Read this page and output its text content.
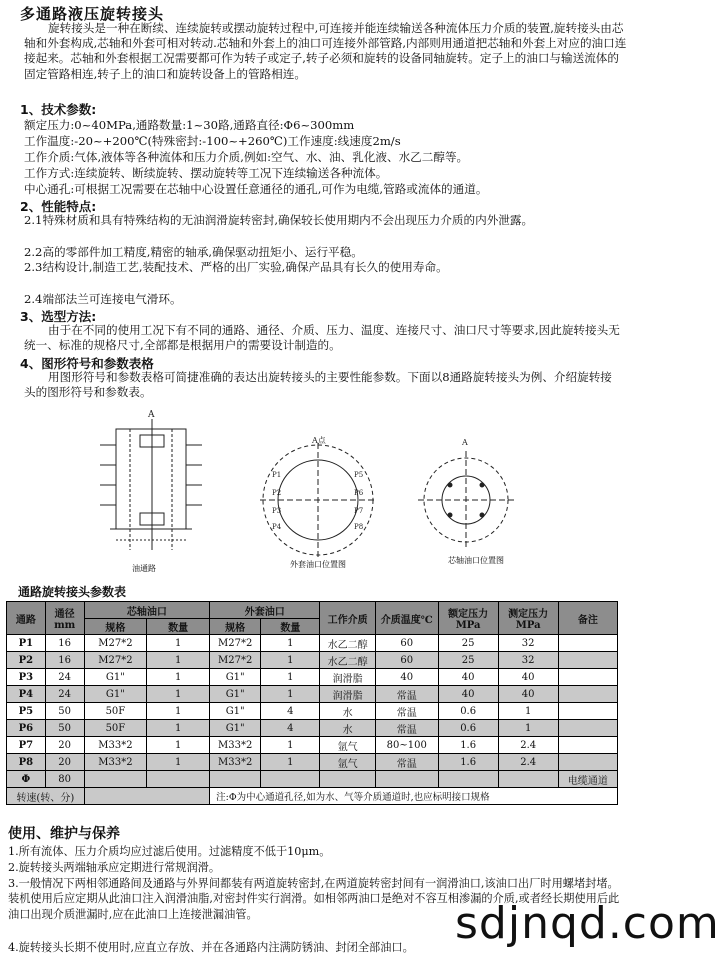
多通路液压旋转接头
旋转接头是一种在断续、连续旋转或摆动旋转过程中,可连接并能连续输送各种流体压力介质的装置,旋转接头由芯轴和外套构成,芯轴和外套可相对转动.芯轴和外套上的油口可连接外部管路,内部则用通道把芯轴和外套上对应的油口连接起来。芯轴和外套根据工况需要都可作为转子或定子,转子必须和旋转的设备同轴旋转。定子上的油口与输送流体的固定管路相连,转子上的油口和旋转设备上的管路相连。
1、技术参数:
额定压力:0~40MPa,通路数量:1~30路,通路直径:Φ6~300mm
工作温度:-20~+200℃(特殊密封:-100~+260℃)工作速度:线速度2m/s
工作介质:气体,液体等各种流体和压力介质,例如:空气、水、油、乳化液、水乙二醇等。
工作方式:连续旋转、断续旋转、摆动旋转等工况下连续输送各种流体。
中心通孔:可根据工况需要在芯轴中心设置任意通径的通孔,可作为电缆,管路或流体的通道。
2、性能特点:
2.1特殊材质和具有特殊结构的无油润滑旋转密封,确保较长使用期内不会出现压力介质的内外泄露。
2.2高的零部件加工精度,精密的轴承,确保驱动扭矩小、运行平稳。
2.3结构设计,制造工艺,装配技术、严格的出厂实验,确保产品具有长久的使用寿命。
2.4端部法兰可连接电气滑环。
3、选型方法:
由于在不同的使用工况下有不同的通路、通径、介质、压力、温度、连接尺寸、油口尺寸等要求,因此旋转接头无统一、标准的规格尺寸,全部都是根据用户的需要设计制造的。
4、图形符号和参数表格
用图形符号和参数表格可简捷准确的表达出旋转接头的主要性能参数。下面以8通路旋转接头为例、介绍旋转接头的图形符号和参数表。
A
油通路
A点
P1
P2
P3
P4
P5
P6
P7
P8
外套油口位置图
A
芯轴油口位置图
通路旋转接头参数表
通路	通径mm	芯轴油口		外套油口		工作介质	介质温度℃	额定压力MPa	测定压力MPa	备注
		规格	数量	规格	数量					
P1	16	M27*2	1	M27*2	1	水乙二醇	60	25	32	
P2	16	M27*2	1	M27*2	1	水乙二醇	60	25	32	
P3	24	G1"	1	G1"	1	润滑脂	40	40	40	
P4	24	G1"	1	G1"	1	润滑脂	常温	40	40	
P5	50	50F	1	G1"	4	水	常温	0.6	1	
P6	50	50F	1	G1"	4	水	常温	0.6	1	
P7	20	M33*2	1	M33*2	1	氩气	80~100	1.6	2.4	
P8	20	M33*2	1	M33*2	1	氩气	常温	1.6	2.4	
Φ	80									电缆通道
转速(转、分)				注:Φ为中心通道孔径,如为水、气等介质通道时,也应标明接口规格						
使用、维护与保养
1.所有流体、压力介质均应过滤后使用。过滤精度不低于10μm。
2.旋转接头两端轴承应定期进行常规润滑。
3.一般情况下两相邻通路间及通路与外界间都装有两道旋转密封,在两道旋转密封间有一润滑油口,该油口出厂时用螺堵封堵。装机使用后应定期从此油口注入润滑油脂,对密封件实行润滑。如相邻两油口是绝对不容互相渗漏的介质,或者经长期使用后此油口出现介质泄漏时,应在此油口上连接泄漏油管。
4.旋转接头长期不使用时,应直立存放、并在各通路内注满防锈油、封闭全部油口。 sdjnqd.com
